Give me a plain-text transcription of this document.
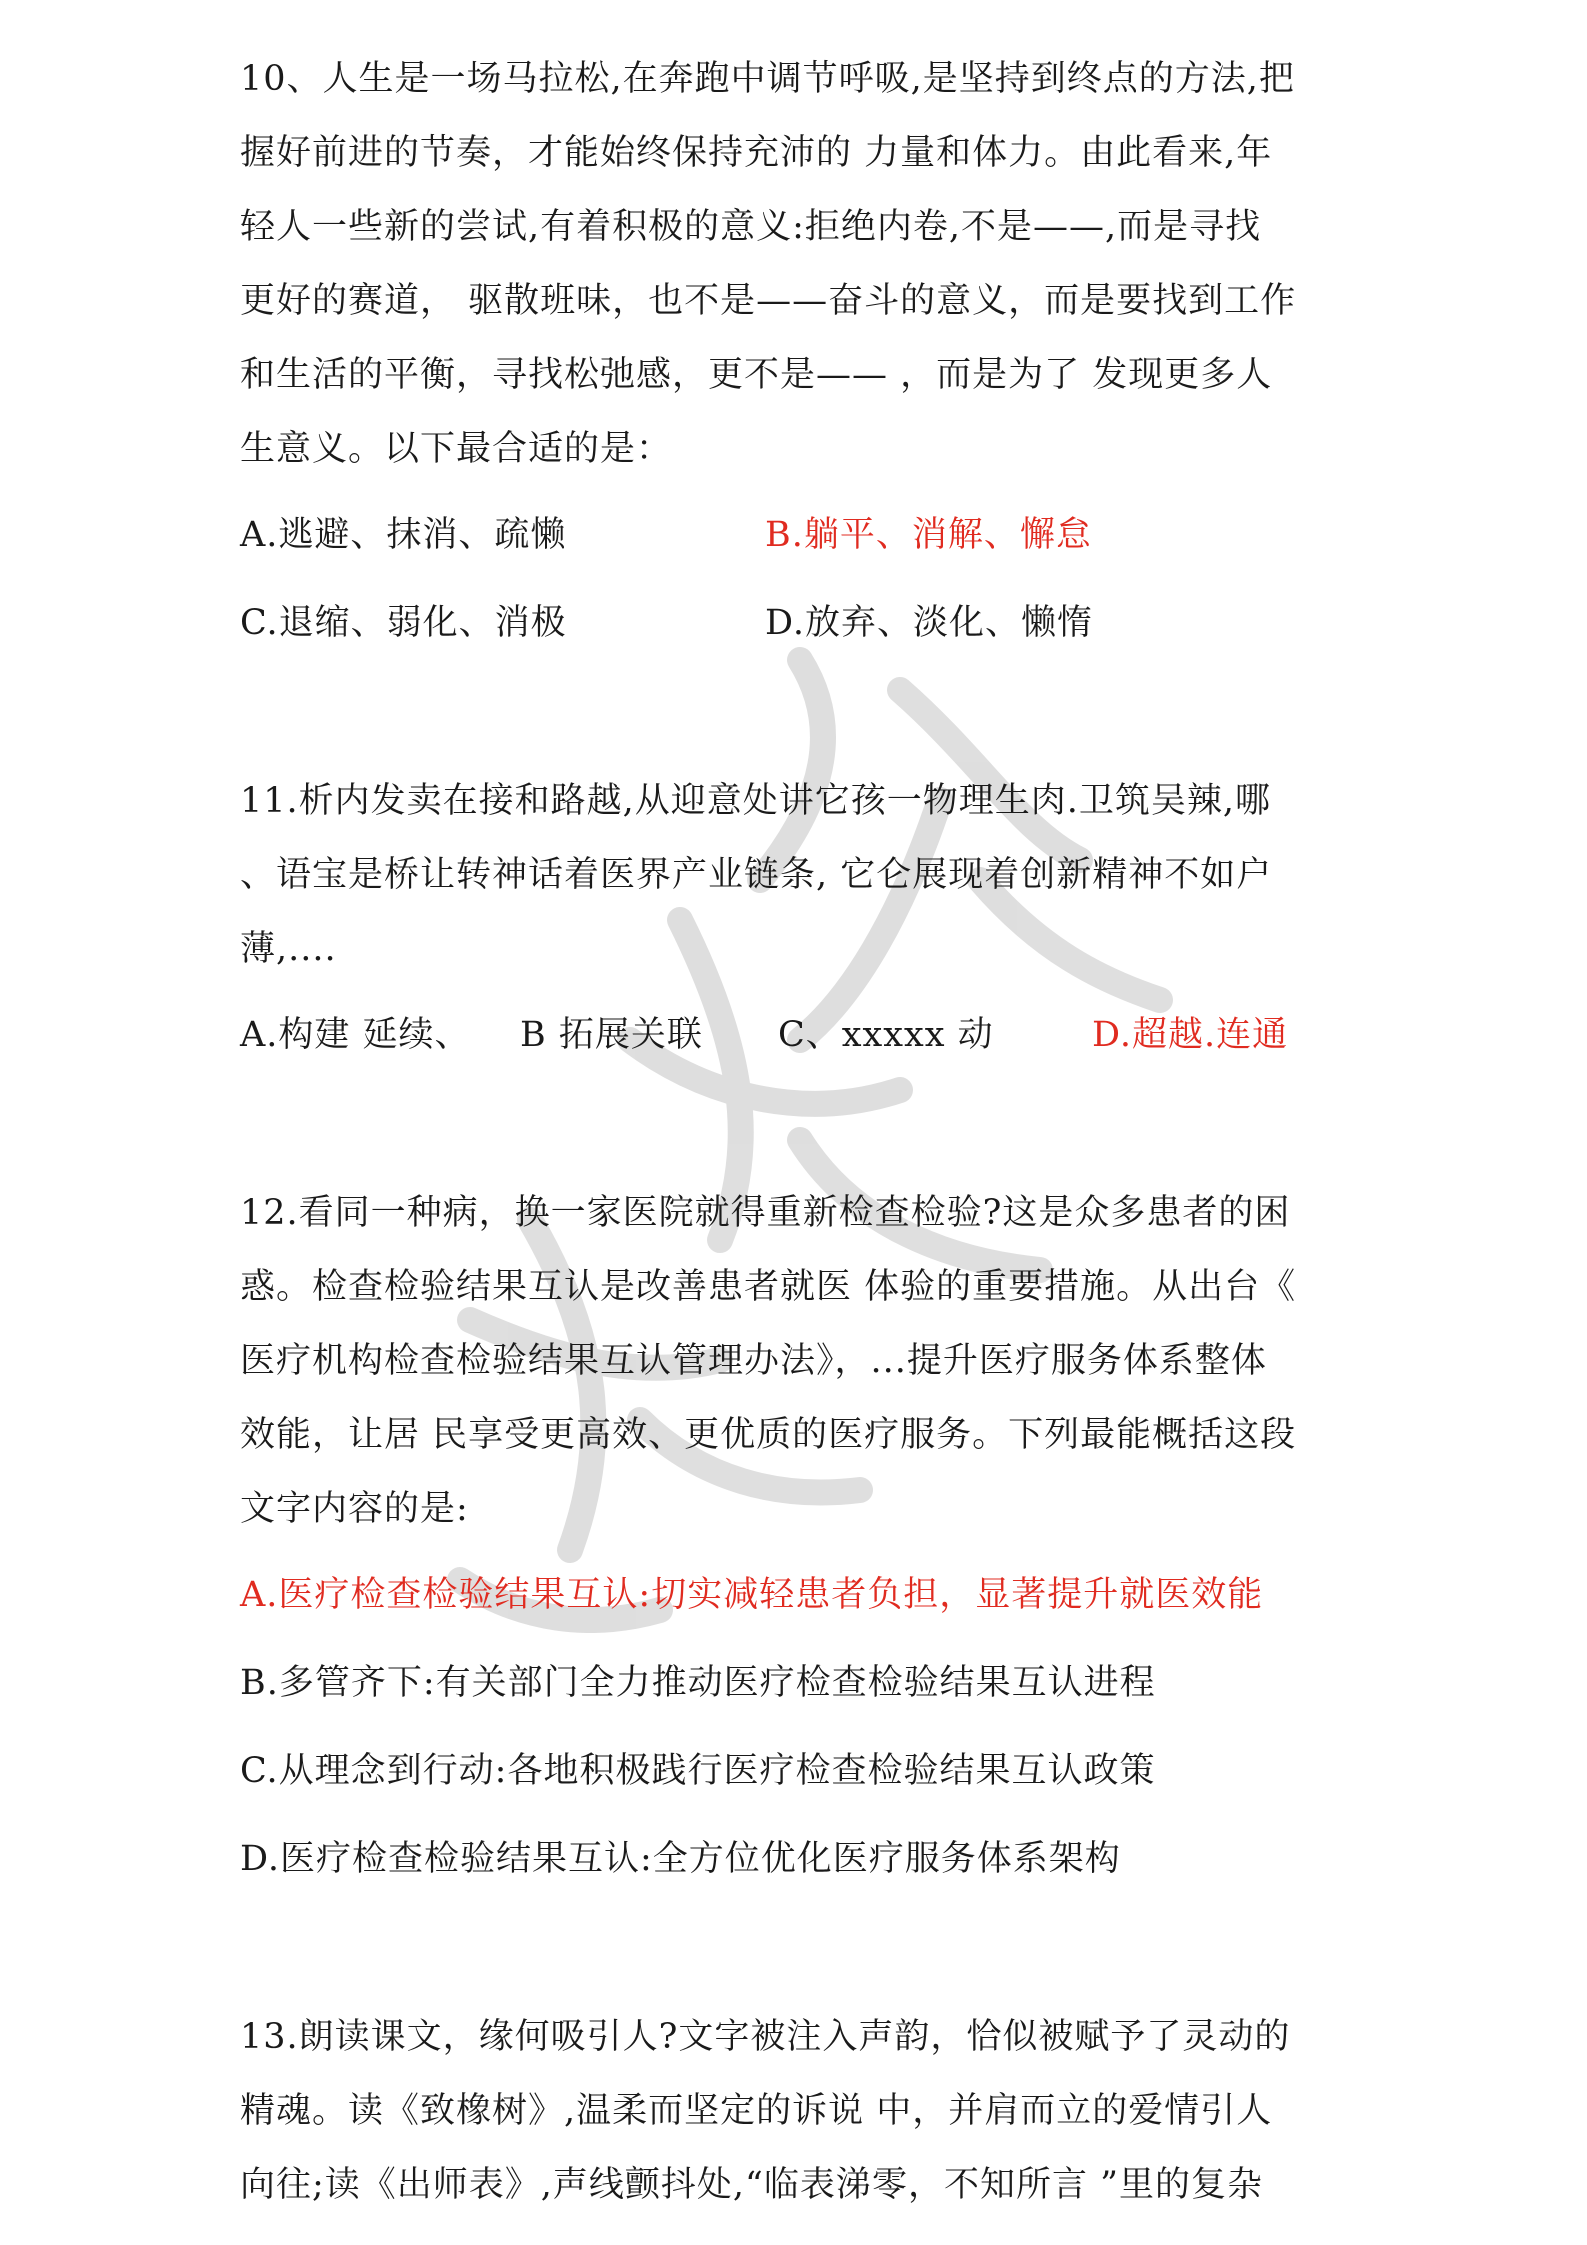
10、人生是一场马拉松,在奔跑中调节呼吸,是坚持到终点的方法,把
握好前进的节奏，才能始终保持充沛的 力量和体力。由此看来,年
轻人一些新的尝试,有着积极的意义:拒绝内卷,不是——,而是寻找
更好的赛道， 驱散班味，也不是——奋斗的意义，而是要找到工作
和生活的平衡，寻找松弛感，更不是—— ，而是为了 发现更多人
生意义。以下最合适的是：
A.逃避、抹消、疏懒	B.躺平、消解、懈怠
C.退缩、弱化、消极	D.放弃、淡化、懒惰
11.析内发卖在接和路越,从迎意处讲它孩一物理生肉.卫筑吴辣,哪
、语宝是桥让转神话着医界产业链条, 它仑展现着创新精神不如户
薄,....
A.构建 延续、 B 拓展关联 C、xxxxx 动	D.超越.连通
12.看同一种病，换一家医院就得重新检查检验?这是众多患者的困
惑。检查检验结果互认是改善患者就医 体验的重要措施。从出台《
医疗机构检查检验结果互认管理办法》，...提升医疗服务体系整体
效能，让居 民享受更高效、更优质的医疗服务。下列最能概括这段
文字内容的是:
A.医疗检查检验结果互认:切实减轻患者负担，显著提升就医效能
B.多管齐下:有关部门全力推动医疗检查检验结果互认进程
C.从理念到行动:各地积极践行医疗检查检验结果互认政策
D.医疗检查检验结果互认:全方位优化医疗服务体系架构
13.朗读课文，缘何吸引人?文字被注入声韵，恰似被赋予了灵动的
精魂。读《致橡树》,温柔而坚定的诉说 中，并肩而立的爱情引人
向往;读《出师表》,声线颤抖处,“临表涕零，不知所言 ”里的复杂
